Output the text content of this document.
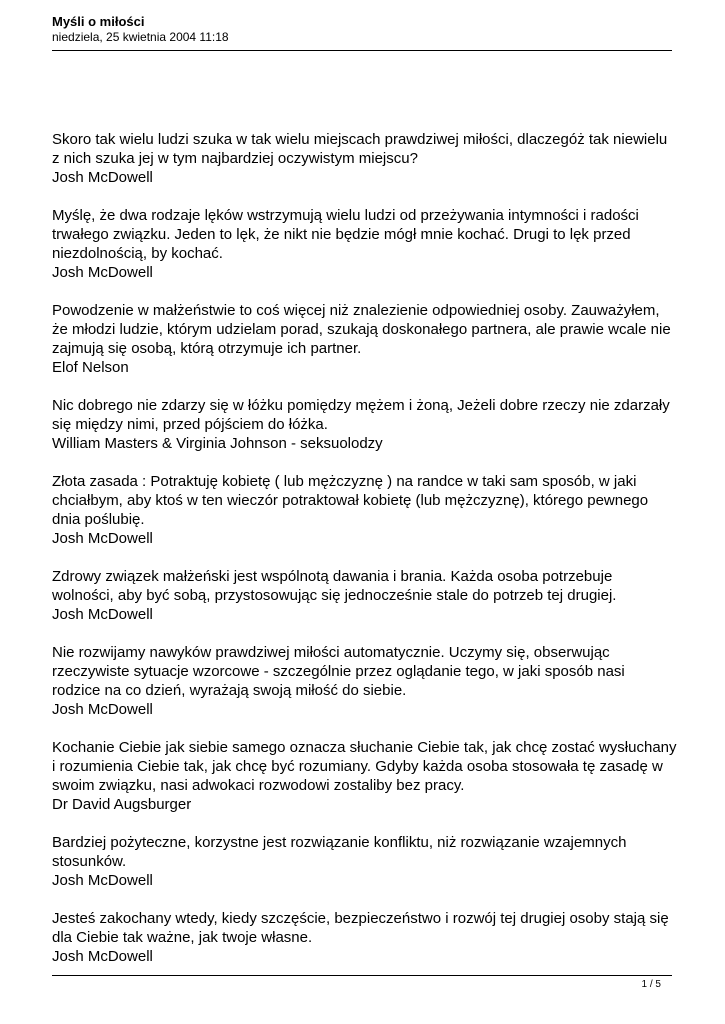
Myśli o miłości
niedziela, 25 kwietnia 2004 11:18

Skoro tak wielu ludzi szuka w tak wielu miejscach prawdziwej miłości, dlaczegóż tak niewielu z nich szuka jej w tym najbardziej oczywistym miejscu?

Josh McDowell

Myślę, że dwa rodzaje lęków wstrzymują wielu ludzi od przeżywania intymności i radości trwałego związku. Jeden to lęk, że nikt nie będzie mógł mnie kochać. Drugi to lęk przed niezdolnością, by kochać.

Josh McDowell

Powodzenie w małżeństwie to coś więcej niż znalezienie odpowiedniej osoby. Zauważyłem, że młodzi ludzie, którym udzielam porad, szukają doskonałego partnera, ale prawie wcale nie zajmują się osobą, którą otrzymuje ich partner.

Elof Nelson

Nic dobrego nie zdarzy się w łóżku pomiędzy mężem i żoną, Jeżeli dobre rzeczy nie zdarzały się między nimi, przed pójściem do łóżka.

William Masters & Virginia Johnson - seksuolodzy

Złota zasada : Potraktuję kobietę ( lub mężczyznę ) na randce w taki sam sposób, w jaki chciałbym, aby ktoś w ten wieczór potraktował kobietę (lub mężczyznę), którego pewnego dnia poślubię.

Josh McDowell

Zdrowy związek małżeński jest wspólnotą dawania i brania. Każda osoba potrzebuje wolności, aby być sobą, przystosowując się jednocześnie stale do potrzeb tej drugiej.

Josh McDowell

Nie rozwijamy nawyków prawdziwej miłości automatycznie. Uczymy się, obserwując rzeczywiste sytuacje wzorcowe - szczególnie przez oglądanie tego, w jaki sposób nasi rodzice na co dzień, wyrażają swoją miłość do siebie.

Josh McDowell

Kochanie Ciebie jak siebie samego oznacza słuchanie Ciebie tak, jak chcę zostać wysłuchany i rozumienia Ciebie tak, jak chcę być rozumiany. Gdyby każda osoba stosowała tę zasadę w swoim związku, nasi adwokaci rozwodowi zostaliby bez pracy.

Dr David Augsburger

Bardziej pożyteczne, korzystne jest rozwiązanie konfliktu, niż rozwiązanie wzajemnych stosunków.

Josh McDowell

Jesteś zakochany wtedy, kiedy szczęście, bezpieczeństwo i rozwój tej drugiej osoby stają się dla Ciebie tak ważne, jak twoje własne.

Josh McDowell

1 / 5
